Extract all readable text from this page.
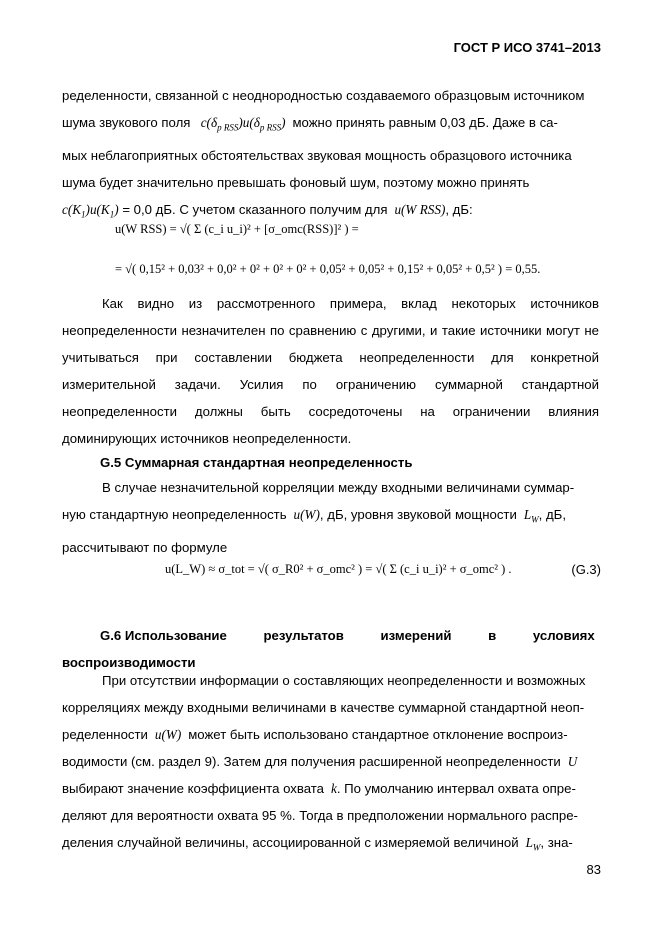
ГОСТ Р ИСО 3741–2013

ределенности, связанной с неоднородностью создаваемого образцовым источником

шума звукового поля   $c(\delta_{p RSS})u(\delta_{p RSS})$  можно принять равным 0,03 дБ. Даже в са-

мых неблагоприятных обстоятельствах звуковая мощность образцового источника

шума будет значительно превышать фоновый шум, поэтому можно принять

$c(K_1)u(K_1) = 0,0$ дБ. С учетом сказанного получим для  u(W RSS), дБ:

u(W RSS) = √( Σ (c_i u_i)² + [σ_omc(RSS)]² ) =
= √( 0,15² + 0,03² + 0,0² + 0² + 0² + 0² + 0,05² + 0,05² + 0,15² + 0,05² + 0,5² ) = 0,55.

Как видно из рассмотренного примера, вклад некоторых источников неопределенности незначителен по сравнению с другими, и такие источники могут не учитываться при составлении бюджета неопределенности для конкретной измерительной задачи. Усилия по ограничению суммарной стандартной неопределенности должны быть сосредоточены на ограничении влияния доминирующих источников неопределенности.

G.5 Суммарная стандартная неопределенность

В случае незначительной корреляции между входными величинами суммар-

ную стандартную неопределенность  u(W), дБ, уровня звуковой мощности  $L_W$, дБ,

рассчитывают по формуле

u(L_W) ≈ σ_tot = √( σ_R0² + σ_omc² ) = √( Σ (c_i u_i)² + σ_omc² ) .	(G.3)

G.6 Использование          результатов          измерений          в          условиях

воспроизводимости

При отсутствии информации о составляющих неопределенности и возможных

корреляциях между входными величинами в качестве суммарной стандартной неоп-

ределенности  u(W)  может быть использовано стандартное отклонение воспроиз-

водимости (см. раздел 9). Затем для получения расширенной неопределенности  U

выбирают значение коэффициента охвата  k. По умолчанию интервал охвата опре-

деляют для вероятности охвата 95 %. Тогда в предположении нормального распре-

деления случайной величины, ассоциированной с измеряемой величиной  $L_W$, зна-

83
